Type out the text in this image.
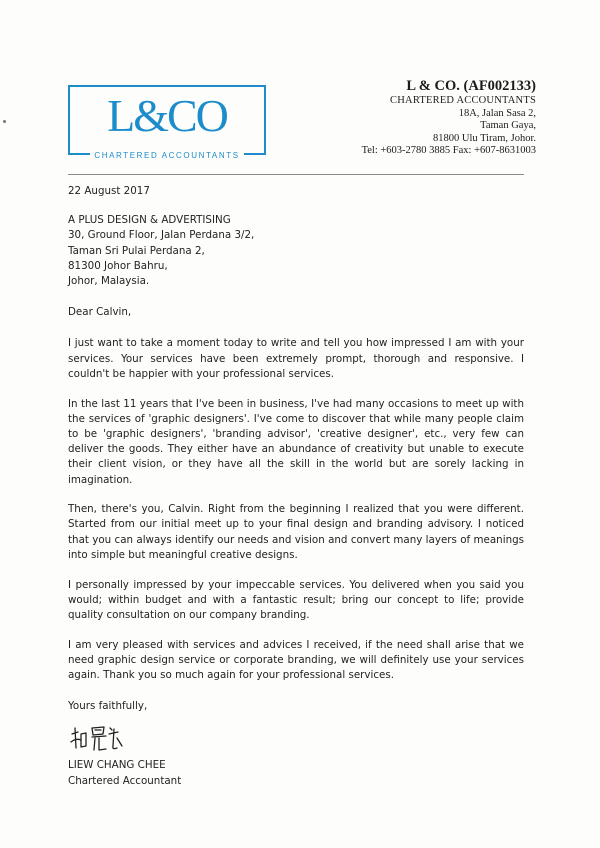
L&CO
CHARTERED ACCOUNTANTS
L & CO. (AF002133)
CHARTERED ACCOUNTANTS
18A, Jalan Sasa 2,
Taman Gaya,
81800 Ulu Tiram, Johor.
Tel: +603-2780 3885 Fax: +607-8631003
22 August 2017
A PLUS DESIGN & ADVERTISING
30, Ground Floor, Jalan Perdana 3/2,
Taman Sri Pulai Perdana 2,
81300 Johor Bahru,
Johor, Malaysia.
Dear Calvin,

I just want to take a moment today to write and tell you how impressed I am with your services. Your services have been extremely prompt, thorough and responsive. I couldn't be happier with your professional services.

In the last 11 years that I've been in business, I've had many occasions to meet up with the services of 'graphic designers'. I've come to discover that while many people claim to be 'graphic designers', 'branding advisor', 'creative designer', etc., very few can deliver the goods. They either have an abundance of creativity but unable to execute their client vision, or they have all the skill in the world but are sorely lacking in imagination.

Then, there's you, Calvin. Right from the beginning I realized that you were different. Started from our initial meet up to your final design and branding advisory. I noticed that you can always identify our needs and vision and convert many layers of meanings into simple but meaningful creative designs.

I personally impressed by your impeccable services. You delivered when you said you would; within budget and with a fantastic result; bring our concept to life; provide quality consultation on our company branding.

I am very pleased with services and advices I received, if the need shall arise that we need graphic design service or corporate branding, we will definitely use your services again. Thank you so much again for your professional services.

Yours faithfully,
LIEW CHANG CHEE
Chartered Accountant
